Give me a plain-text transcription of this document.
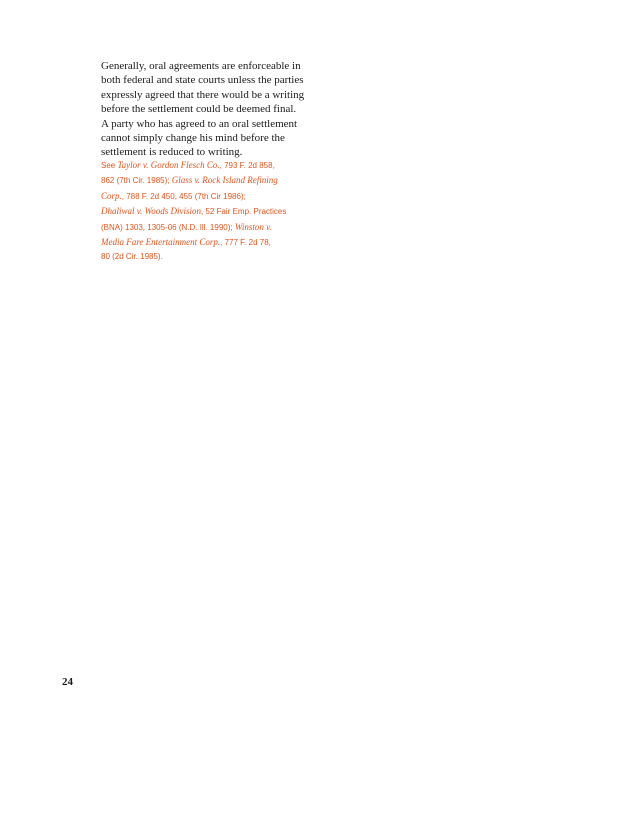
Generally, oral agreements are enforceable in
both federal and state courts unless the parties
expressly agreed that there would be a writing
before the settlement could be deemed final.
A party who has agreed to an oral settlement
cannot simply change his mind before the
settlement is reduced to writing.

See Taylor v. Gordon Flesch Co., 793 F. 2d 858,
862 (7th Cir. 1985); Glass v. Rock Island Refining
Corp., 788 F. 2d 450, 455 (7th Cir 1986);
Dhaliwal v. Woods Division, 52 Fair Emp. Practices
(BNA) 1303, 1305-06 (N.D. Ill. 1990); Winston v.
Media Fare Entertainment Corp., 777 F. 2d 78,
80 (2d Cir. 1985).

24
